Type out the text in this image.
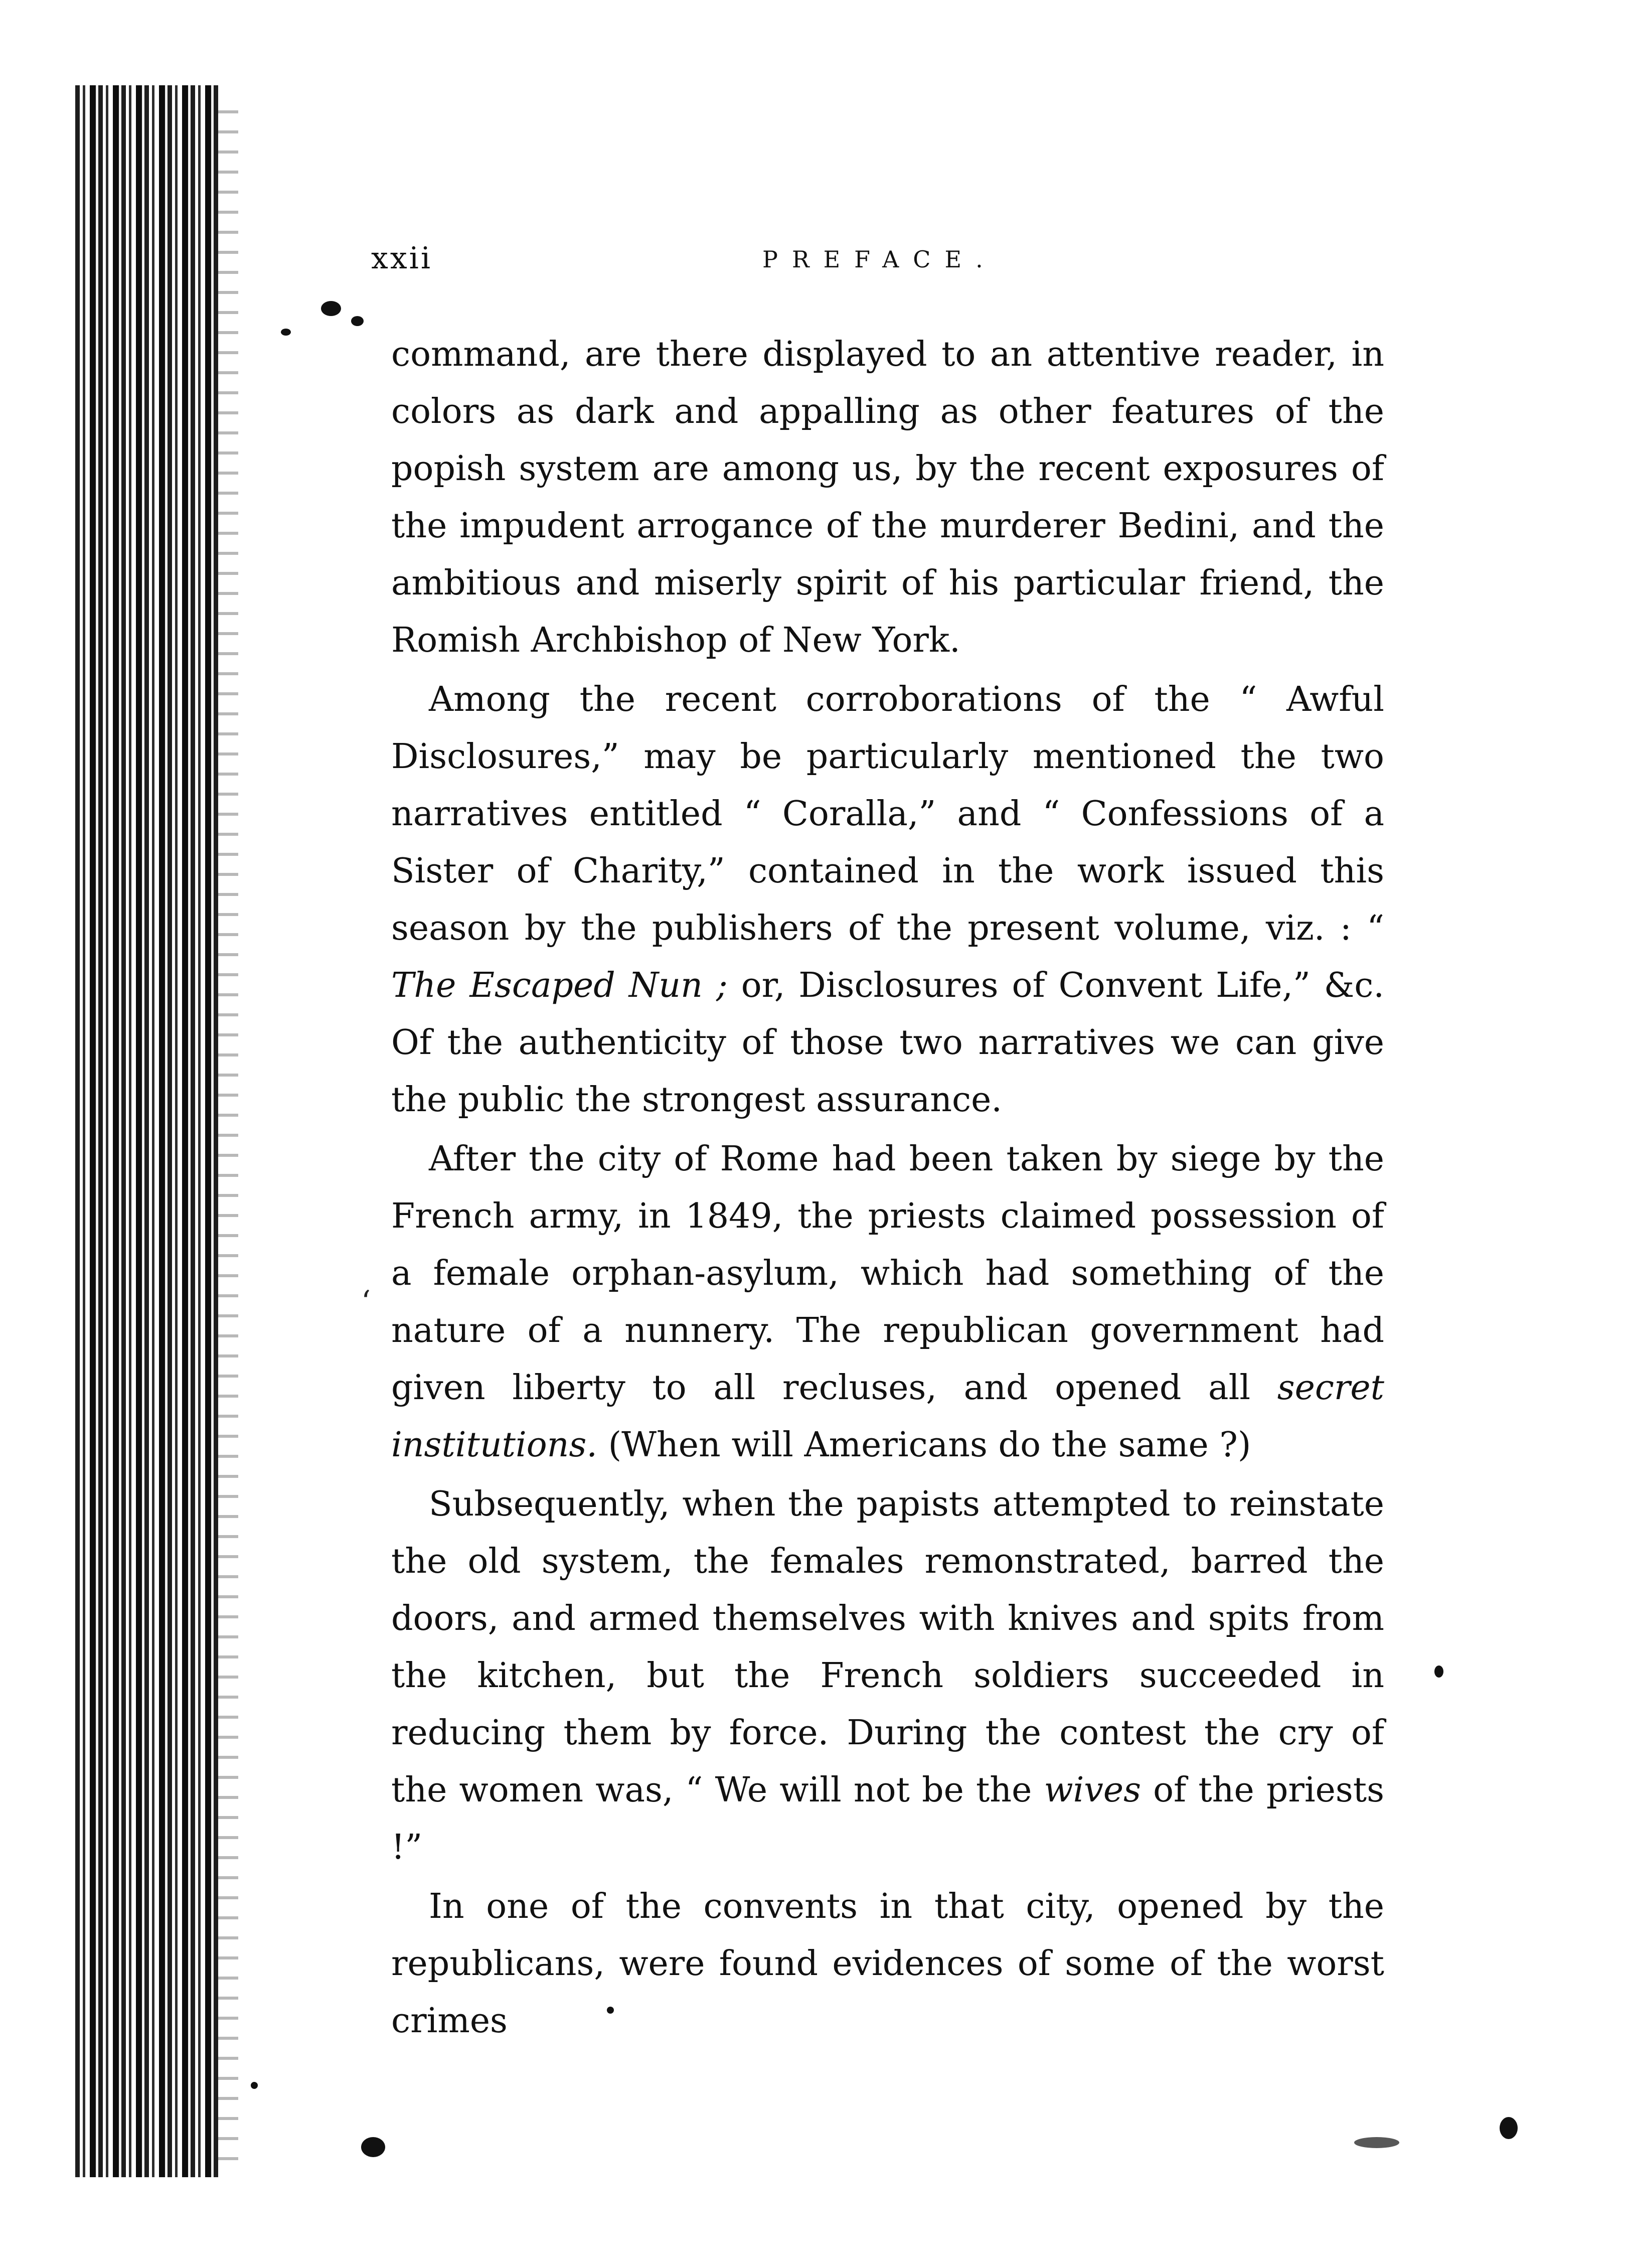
‘
xxii	PREFACE.

command, are there displayed to an attentive reader, in colors as dark and appalling as other features of the popish system are among us, by the recent exposures of the impudent arrogance of the murderer Bedini, and the ambitious and miserly spirit of his particular friend, the Romish Archbishop of New York.

Among the recent corroborations of the “ Awful Disclosures,” may be particularly mentioned the two narratives entitled “ Coralla,” and “ Confessions of a Sister of Charity,” contained in the work issued this season by the publishers of the present volume, viz. : “ The Escaped Nun ; or, Disclosures of Convent Life,” &c. Of the authenticity of those two narratives we can give the public the strongest assurance.

After the city of Rome had been taken by siege by the French army, in 1849, the priests claimed possession of a female orphan-asylum, which had something of the nature of a nunnery. The republican government had given liberty to all recluses, and opened all secret institutions. (When will Americans do the same ?)

Subsequently, when the papists attempted to reinstate the old system, the females remonstrated, barred the doors, and armed themselves with knives and spits from the kitchen, but the French soldiers succeeded in reducing them by force. During the contest the cry of the women was, “ We will not be the wives of the priests !”

In one of the convents in that city, opened by the republicans, were found evidences of some of the worst crimes
